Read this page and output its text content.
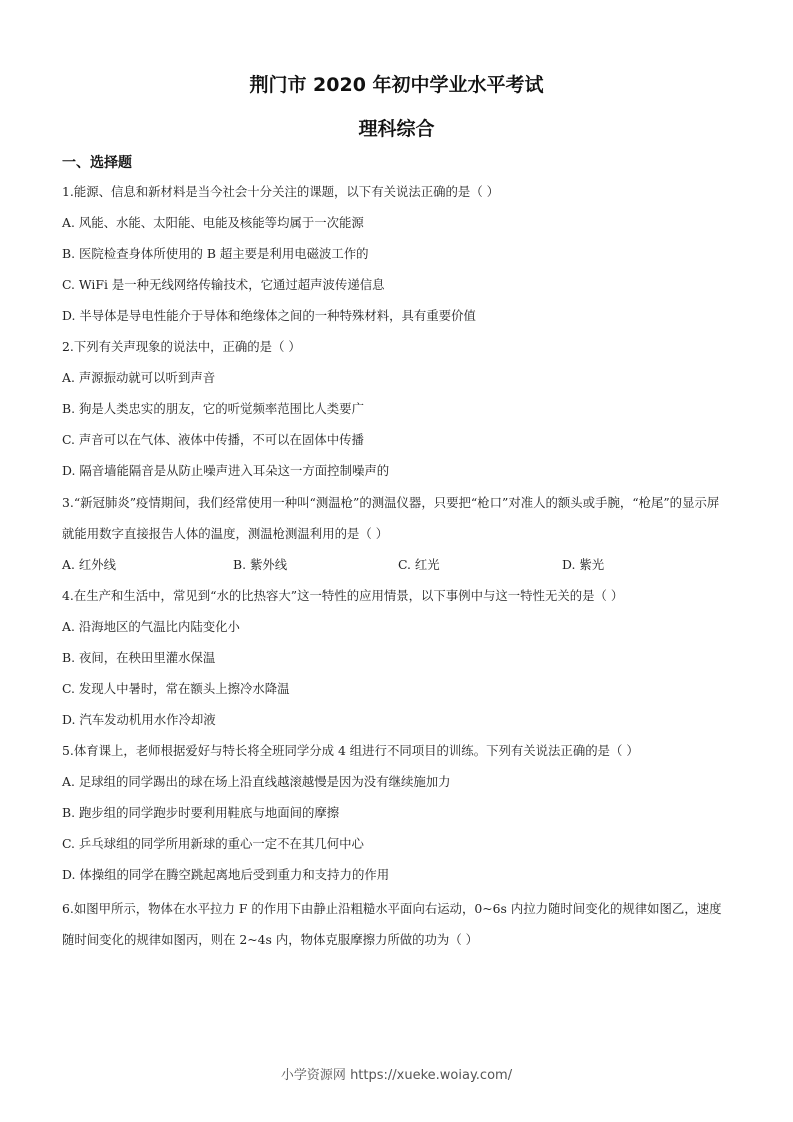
荆门市 2020 年初中学业水平考试
理科综合
一、选择题
1.能源、信息和新材料是当今社会十分关注的课题，以下有关说法正确的是（ ）
A. 风能、水能、太阳能、电能及核能等均属于一次能源
B. 医院检查身体所使用的 B 超主要是利用电磁波工作的
C. WiFi 是一种无线网络传输技术，它通过超声波传递信息
D. 半导体是导电性能介于导体和绝缘体之间的一种特殊材料，具有重要价值
2.下列有关声现象的说法中，正确的是（ ）
A. 声源振动就可以听到声音
B. 狗是人类忠实的朋友，它的听觉频率范围比人类要广
C. 声音可以在气体、液体中传播，不可以在固体中传播
D. 隔音墙能隔音是从防止噪声进入耳朵这一方面控制噪声的
3.“新冠肺炎”疫情期间，我们经常使用一种叫“测温枪”的测温仪器，只要把“枪口”对准人的额头或手腕，“枪尾”的显示屏就能用数字直接报告人体的温度，测温枪测温利用的是（ ）
A. 红外线	B. 紫外线	C. 红光	D. 紫光
4.在生产和生活中，常见到“水的比热容大”这一特性的应用情景，以下事例中与这一特性无关的是（ ）
A. 沿海地区的气温比内陆变化小
B. 夜间，在秧田里灌水保温
C. 发现人中暑时，常在额头上擦冷水降温
D. 汽车发动机用水作冷却液
5.体育课上，老师根据爱好与特长将全班同学分成 4 组进行不同项目的训练。下列有关说法正确的是（ ）
A. 足球组的同学踢出的球在场上沿直线越滚越慢是因为没有继续施加力
B. 跑步组的同学跑步时要利用鞋底与地面间的摩擦
C. 乒乓球组的同学所用新球的重心一定不在其几何中心
D. 体操组的同学在腾空跳起离地后受到重力和支持力的作用
6.如图甲所示，物体在水平拉力 F 的作用下由静止沿粗糙水平面向右运动，0~6s 内拉力随时间变化的规律如图乙，速度随时间变化的规律如图丙，则在 2~4s 内，物体克服摩擦力所做的功为（ ）
小学资源网 https://xueke.woiay.com/
